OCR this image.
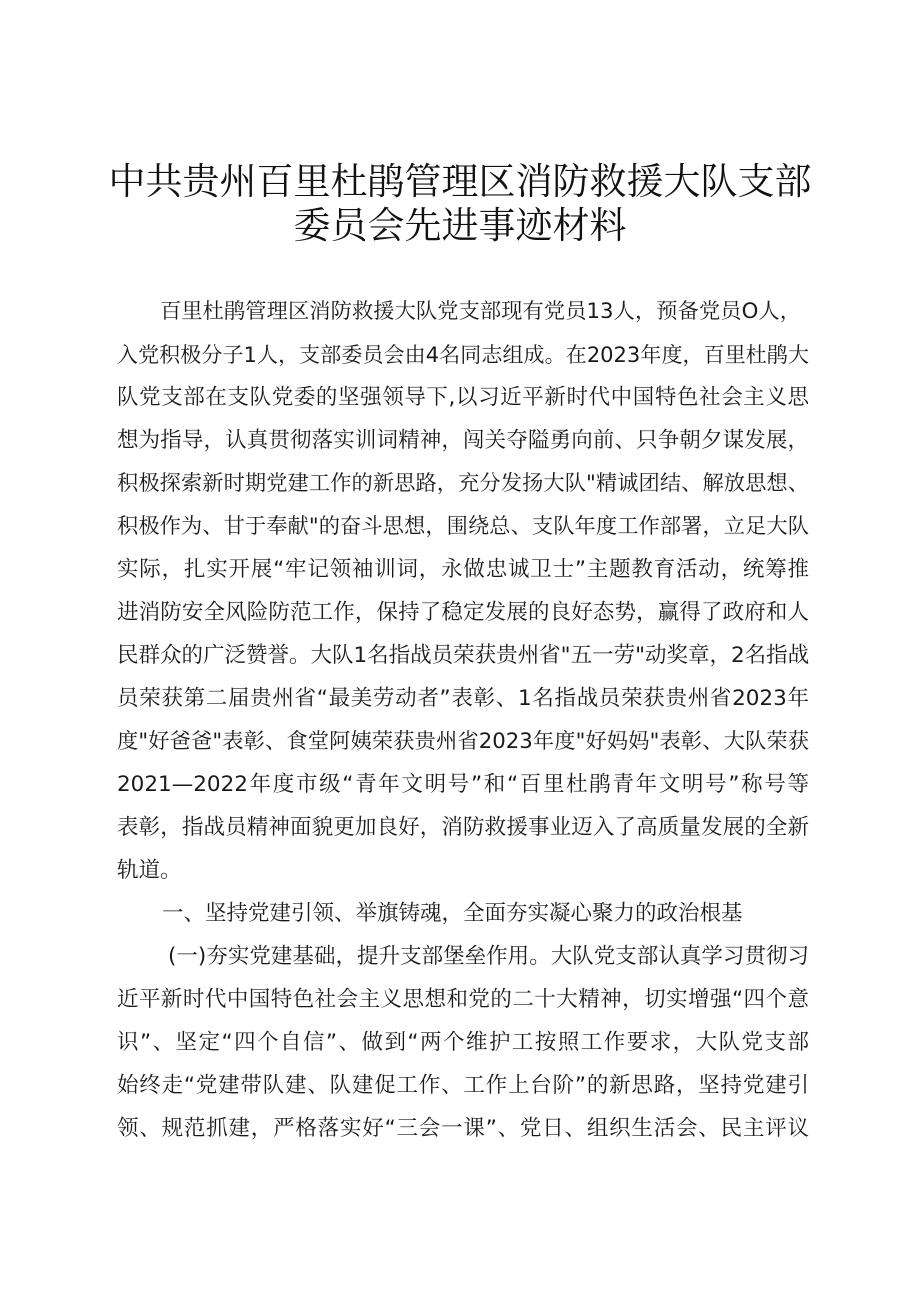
中共贵州百里杜鹃管理区消防救援大队支部
委员会先进事迹材料
百里杜鹃管理区消防救援大队党支部现有党员13人，预备党员O人，
入党积极分子1人，支部委员会由4名同志组成。在2023年度，百里杜鹃大
队党支部在支队党委的坚强领导下,以习近平新时代中国特色社会主义思
想为指导，认真贯彻落实训词精神，闯关夺隘勇向前、只争朝夕谋发展，
积极探索新时期党建工作的新思路，充分发扬大队"精诚团结、解放思想、
积极作为、甘于奉献"的奋斗思想，围绕总、支队年度工作部署，立足大队
实际，扎实开展“牢记领袖训词，永做忠诚卫士”主题教育活动，统筹推
进消防安全风险防范工作，保持了稳定发展的良好态势，赢得了政府和人
民群众的广泛赞誉。大队1名指战员荣获贵州省"五一劳"动奖章，2名指战
员荣获第二届贵州省“最美劳动者”表彰、1名指战员荣获贵州省2023年
度"好爸爸"表彰、食堂阿姨荣获贵州省2023年度"好妈妈"表彰、大队荣获
2021—2022年度市级“青年文明号”和“百里杜鹃青年文明号”称号等
表彰，指战员精神面貌更加良好，消防救援事业迈入了高质量发展的全新
轨道。
一、坚持党建引领、举旗铸魂，全面夯实凝心聚力的政治根基
(一)夯实党建基础，提升支部堡垒作用。大队党支部认真学习贯彻习
近平新时代中国特色社会主义思想和党的二十大精神，切实增强“四个意
识”、坚定“四个自信”、做到“两个维护工按照工作要求，大队党支部
始终走“党建带队建、队建促工作、工作上台阶”的新思路，坚持党建引
领、规范抓建，严格落实好“三会一课”、党日、组织生活会、民主评议
